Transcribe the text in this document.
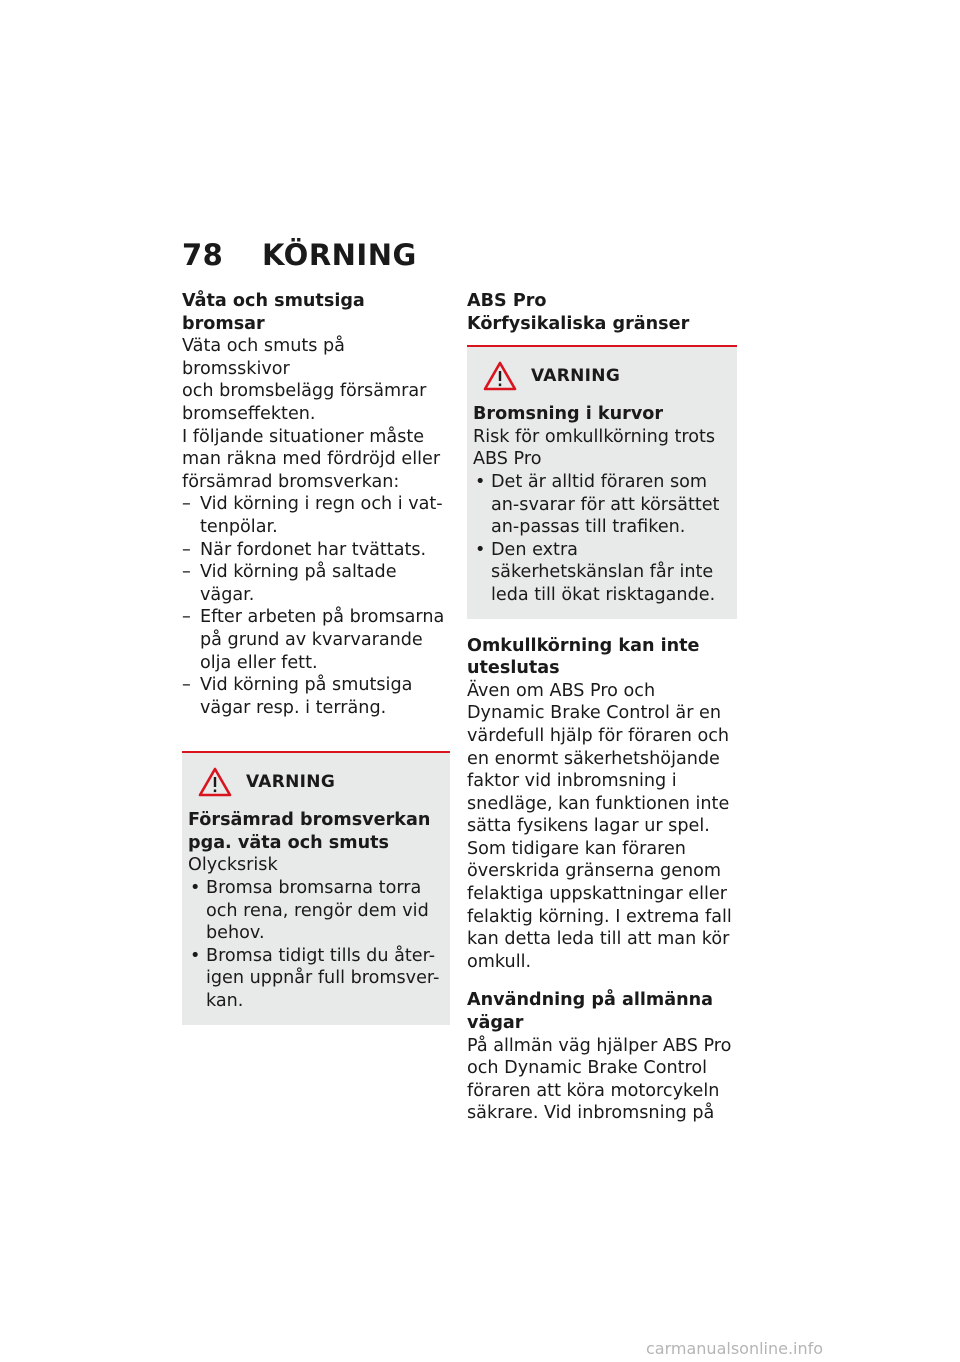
78	KÖRNING

Våta och smutsiga bromsar

Väta och smuts på bromsskivor
och bromsbelägg försämrar
bromseffekten.
I följande situationer måste
man räkna med fördröjd eller
försämrad bromsverkan:
– Vid körning i regn och i vat-tenpölar.
– När fordonet har tvättats.
– Vid körning på saltade vägar.
– Efter arbeten på bromsarna på grund av kvarvarande olja eller fett.
– Vid körning på smutsiga vägar resp. i terräng.
VARNING
Försämrad bromsverkan
pga. väta och smuts
Olycksrisk
• Bromsa bromsarna torra och rena, rengör dem vid behov.
• Bromsa tidigt tills du åter-igen uppnår full bromsver-kan.
ABS Pro
Körfysikaliska gränser
VARNING
Bromsning i kurvor
Risk för omkullkörning trots
ABS Pro
• Det är alltid föraren som an-svarar för att körsättet an-passas till trafiken.
• Den extra säkerhetskänslan får inte leda till ökat risktagande.
Omkullkörning kan inte
uteslutas
Även om ABS Pro och
Dynamic Brake Control är en
värdefull hjälp för föraren och
en enormt säkerhetshöjande
faktor vid inbromsning i
snedläge, kan funktionen inte
sätta fysikens lagar ur spel.
Som tidigare kan föraren
överskrida gränserna genom
felaktiga uppskattningar eller
felaktig körning. I extrema fall
kan detta leda till att man kör
omkull.
Användning på allmänna
vägar
På allmän väg hjälper ABS Pro
och Dynamic Brake Control
föraren att köra motorcykeln
säkrare. Vid inbromsning på
carmanualsonline.info
